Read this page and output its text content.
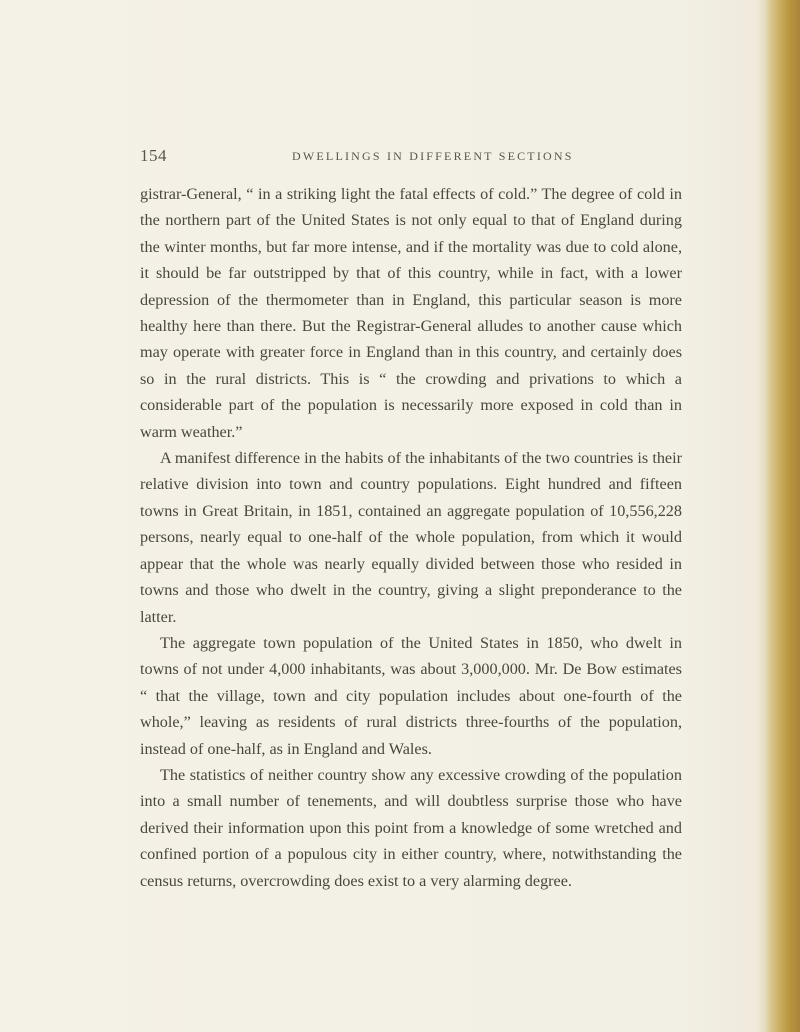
154	DWELLINGS IN DIFFERENT SECTIONS

gistrar-General, “ in a striking light the fatal effects of cold.” The degree of cold in the northern part of the United States is not only equal to that of England during the winter months, but far more intense, and if the mortality was due to cold alone, it should be far outstripped by that of this country, while in fact, with a lower depression of the thermometer than in England, this particular season is more healthy here than there. But the Registrar-General alludes to another cause which may operate with greater force in England than in this country, and certainly does so in the rural districts. This is “ the crowding and privations to which a considerable part of the population is necessarily more exposed in cold than in warm weather.”

A manifest difference in the habits of the inhabitants of the two countries is their relative division into town and country populations. Eight hundred and fifteen towns in Great Britain, in 1851, contained an aggregate population of 10,556,228 persons, nearly equal to one-half of the whole population, from which it would appear that the whole was nearly equally divided between those who resided in towns and those who dwelt in the country, giving a slight preponderance to the latter.

The aggregate town population of the United States in 1850, who dwelt in towns of not under 4,000 inhabitants, was about 3,000,000. Mr. De Bow estimates “ that the village, town and city population includes about one-fourth of the whole,” leaving as residents of rural districts three-fourths of the population, instead of one-half, as in England and Wales.

The statistics of neither country show any excessive crowding of the population into a small number of tenements, and will doubtless surprise those who have derived their information upon this point from a knowledge of some wretched and confined portion of a populous city in either country, where, notwithstanding the census returns, overcrowding does exist to a very alarming degree.
